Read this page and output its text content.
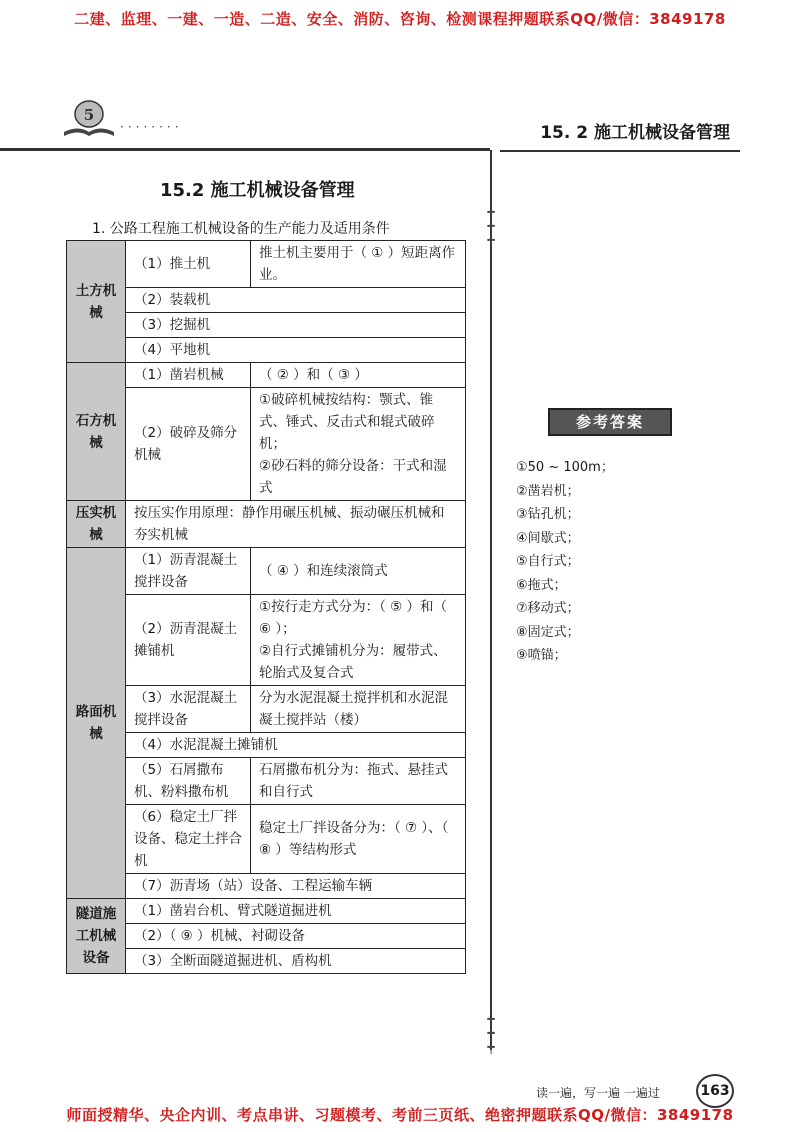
二建、监理、一建、一造、二造、安全、消防、咨询、检测课程押题联系QQ/微信：3849178
5
········	15. 2 施工机械设备管理
┿
┿
┿
┿
┿
┿
15.2 施工机械设备管理
1. 公路工程施工机械设备的生产能力及适用条件
土方机械	（1）推土机	推土机主要用于（ ① ）短距离作业。
	（2）装载机	
	（3）挖掘机	
	（4）平地机	
石方机械	（1）凿岩机械	（ ② ）和（ ③ ）
	（2）破碎及筛分机械	①破碎机械按结构：颚式、锥式、锤式、反击式和辊式破碎机；
②砂石料的筛分设备：干式和湿式

压实机械	按压实作用原理：静作用碾压机械、振动碾压机械和夯实机械	
路面机械	（1）沥青混凝土搅拌设备	（ ④ ）和连续滚筒式
	（2）沥青混凝土摊铺机	①按行走方式分为：（ ⑤ ）和（ ⑥ ）；
②自行式摊铺机分为：履带式、轮胎式及复合式

	（3）水泥混凝土搅拌设备	分为水泥混凝土搅拌机和水泥混凝土搅拌站（楼）
	（4）水泥混凝土摊铺机	
	（5）石屑撒布机、粉料撒布机	石屑撒布机分为：拖式、悬挂式和自行式
	（6）稳定土厂拌设备、稳定土拌合机	稳定土厂拌设备分为：（ ⑦ ）、（ ⑧ ）等结构形式
	（7）沥青场（站）设备、工程运输车辆	
隧道施工机械设备	（1）凿岩台机、臂式隧道掘进机	
	（2）（ ⑨ ）机械、衬砌设备	
	（3）全断面隧道掘进机、盾构机	
参考答案
①50 ~ 100m；
②凿岩机；
③钻孔机；
④间歇式；
⑤自行式；
⑥拖式；
⑦移动式；
⑧固定式；
⑨喷锚；
读一遍，写一遍 一遍过	163
师面授精华、央企内训、考点串讲、习题模考、考前三页纸、绝密押题联系QQ/微信：3849178
